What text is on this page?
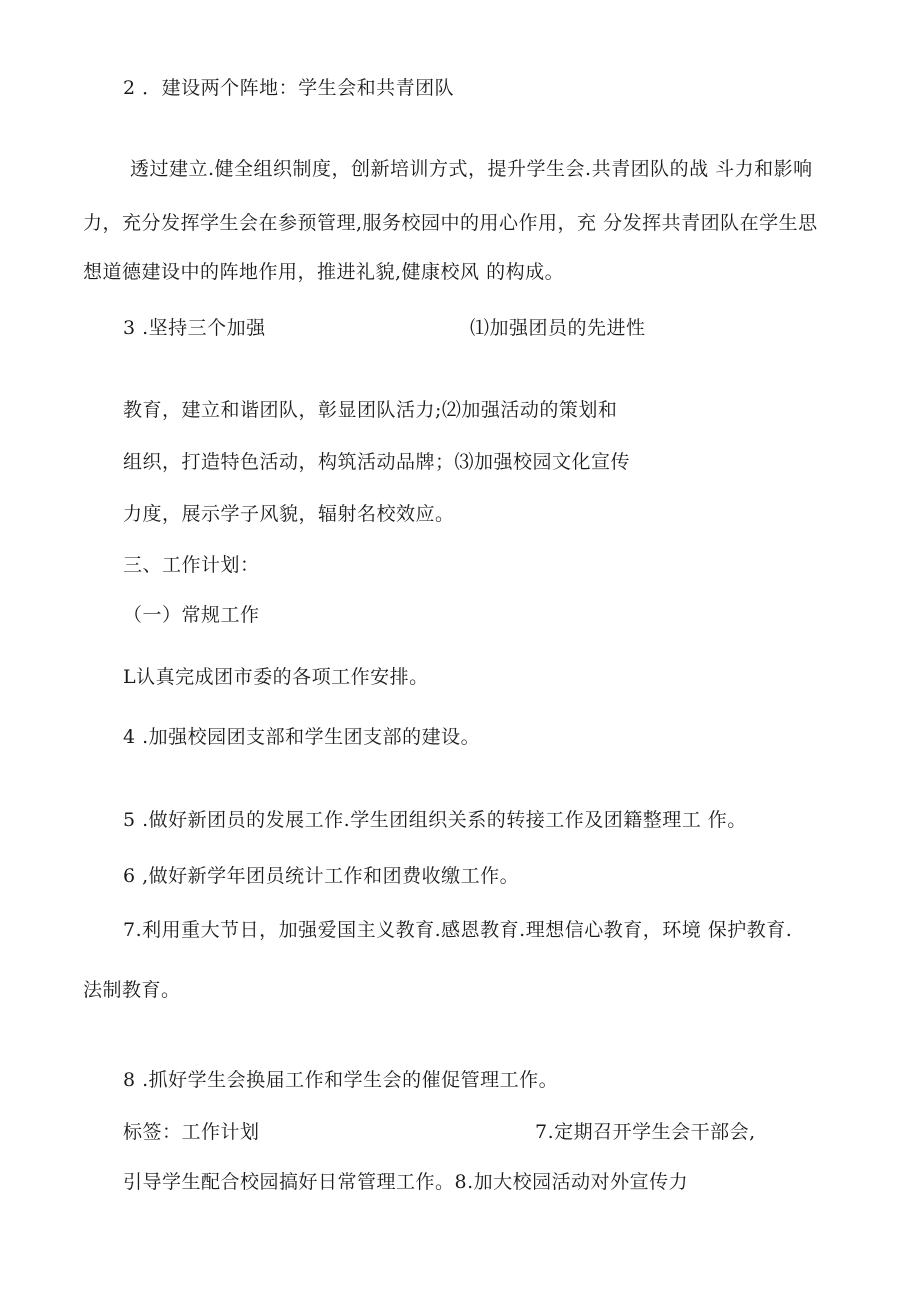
2 ．建设两个阵地：学生会和共青团队
透过建立.健全组织制度，创新培训方式，提升学生会.共青团队的战 斗力和影响
力，充分发挥学生会在参预管理,服务校园中的用心作用，充 分发挥共青团队在学生思
想道德建设中的阵地作用，推进礼貌,健康校风 的构成。
3 .坚持三个加强	⑴加强团员的先进性
教育，建立和谐团队，彰显团队活力;⑵加强活动的策划和
组织，打造特色活动，构筑活动品牌；⑶加强校园文化宣传
力度，展示学子风貌，辐射名校效应。
三、工作计划：
（一）常规工作
L认真完成团市委的各项工作安排。
4 .加强校园团支部和学生团支部的建设。
5 .做好新团员的发展工作.学生团组织关系的转接工作及团籍整理工 作。
6 ,做好新学年团员统计工作和团费收缴工作。
7.利用重大节日，加强爱国主义教育.感恩教育.理想信心教育，环境 保护教育.
法制教育。
8 .抓好学生会换届工作和学生会的催促管理工作。
标签：工作计划	7.定期召开学生会干部会,
引导学生配合校园搞好日常管理工作。8.加大校园活动对外宣传力
